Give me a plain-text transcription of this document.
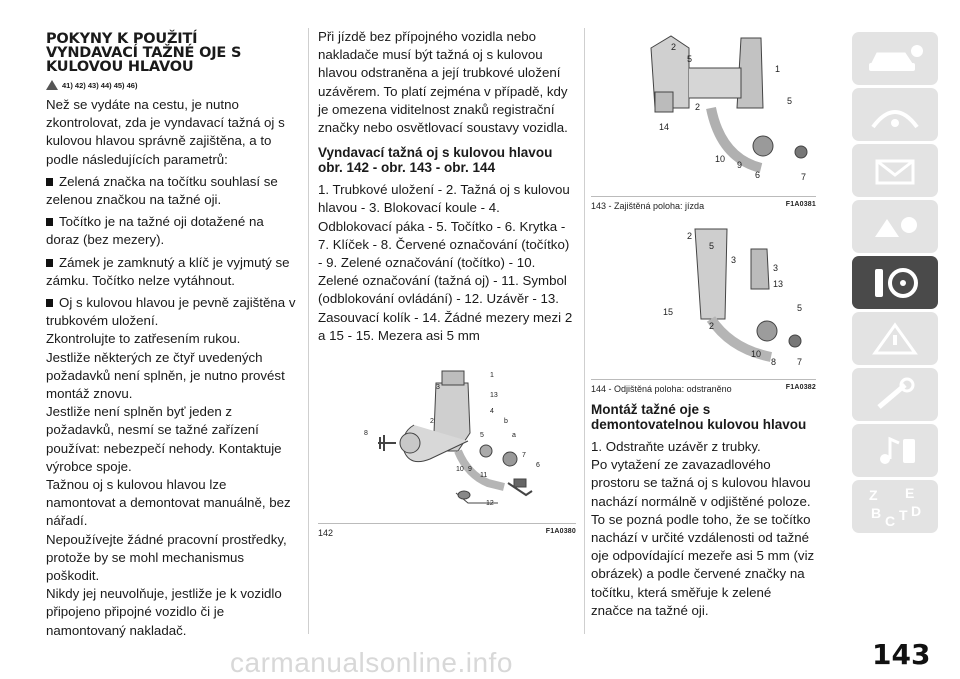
POKYNY K POUŽITÍ
VYNDAVACÍ TAŽNÉ OJE S
KULOVOU HLAVOU
41) 42) 43) 44) 45) 46)

Než se vydáte na cestu, je nutno zkontrolovat, zda je vyndavací tažná oj s kulovou hlavou správně zajištěna, a to podle následujících parametrů:

Zelená značka na točítku souhlasí se zelenou značkou na tažné oji.

Točítko je na tažné oji dotažené na doraz (bez mezery).

Zámek je zamknutý a klíč je vyjmutý se zámku. Točítko nelze vytáhnout.

Oj s kulovou hlavou je pevně zajištěna v trubkovém uložení.

Zkontrolujte to zatřesením rukou.

Jestliže některých ze čtyř uvedených požadavků není splněn, je nutno provést montáž znovu.

Jestliže není splněn byť jeden z požadavků, nesmí se tažné zařízení používat: nebezpečí nehody. Kontaktuje výrobce spoje.

Tažnou oj s kulovou hlavou lze namontovat a demontovat manuálně, bez nářadí.

Nepoužívejte žádné pracovní prostředky, protože by se mohl mechanismus poškodit.

Nikdy jej neuvolňuje, jestliže je k vozidlo připojeno připojné vozidlo či je namontovaný nakladač.

Při jízdě bez přípojného vozidla nebo nakladače musí být tažná oj s kulovou hlavou odstraněna a její trubkové uložení uzávěrem. To platí zejména v případě, kdy je omezena viditelnost znaků registrační značky nebo osvětlovací soustavy vozidla.

Vyndavací tažná oj s kulovou hlavou obr. 142 - obr. 143 - obr. 144

1. Trubkové uložení - 2. Tažná oj s kulovou hlavou - 3. Blokovací koule - 4. Odblokovací páka - 5. Točítko - 6. Krytka - 7. Klíček - 8. Červené označování (točítko) - 9. Zelené označování (točítko) - 10. Zelené označování (tažná oj) - 11. Symbol (odblokování ovládání) - 12. Uzávěr - 13. Zasouvací kolík - 14. Žádné mezery mezi 2 a 15 - 15. Mezera asi 5 mm

1
3
13
4
b
a
7
6
2
8	5
10 9
11
12
142	F1A0380
2
5
1
2
5
14
10
9
6	7
143 - Zajištěná poloha: jízda	F1A0381
2
5
3
3
13
15	5
2
10
8 7
144 - Odjištěná poloha: odstraněno	F1A0382
Montáž tažné oje s demontovatelnou kulovou hlavou

1. Odstraňte uzávěr z trubky.

Po vytažení ze zavazadlového prostoru se tažná oj s kulovou hlavou nachází normálně v odjištěné poloze. To se pozná podle toho, že se točítko nachází v určité vzdálenosti od tažné oje odpovídající mezeře asi 5 mm (viz obrázek) a podle červené značky na točítku, která směřuje k zelené značce na tažné oji.

Z E
B C T D
143
carmanualsonline.info
